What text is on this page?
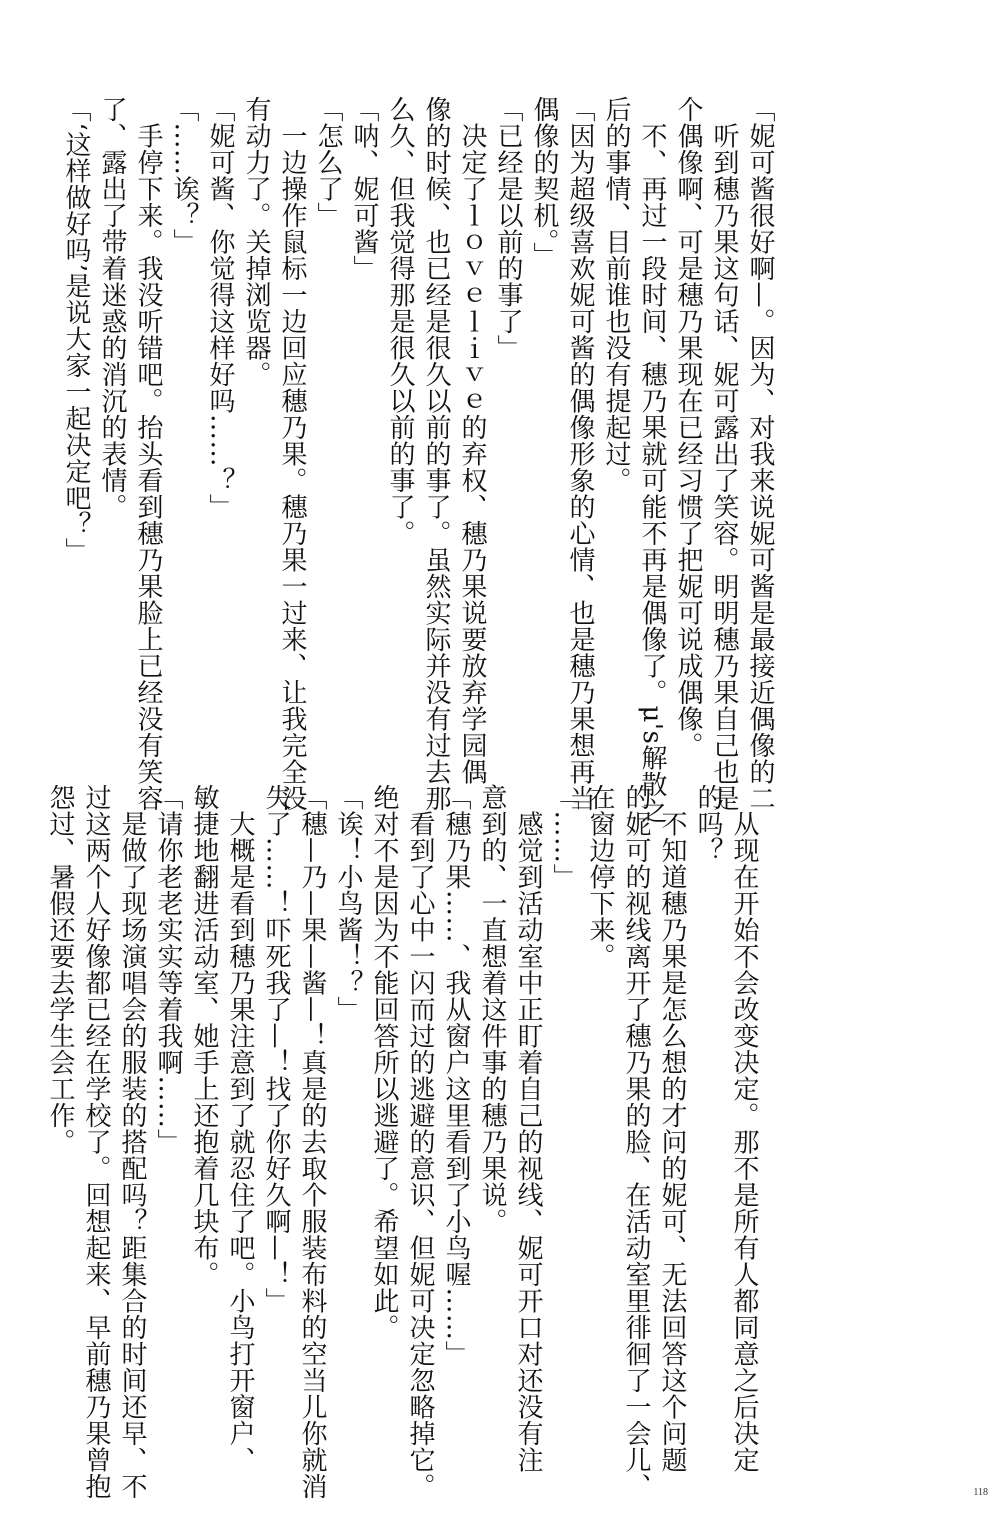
「妮可酱很好啊—。因为、对我来说妮可酱是最接近偶像的二
　听到穗乃果这句话、妮可露出了笑容。明明穗乃果自己也是
个偶像啊、可是穗乃果现在已经习惯了把妮可说成偶像。
　不、再过一段时间、穗乃果就可能不再是偶像了。μ's解散之
后的事情、目前谁也没有提起过。
「因为超级喜欢妮可酱的偶像形象的心情、也是穗乃果想再当
偶像的契机。」
「已经是以前的事了」
　决定了ｌｏｖｅｌｉｖｅ的弃权、穗乃果说要放弃学园偶
像的时候、也已经是很久以前的事了。虽然实际并没有过去那
么久、但我觉得那是很久以前的事了。
「呐、妮可酱」
「怎么了」
　一边操作鼠标一边回应穗乃果。穗乃果一过来、让我完全没
有动力了。关掉浏览器。
「妮可酱、你觉得这样好吗……？」
「……诶？」
　手停下来。我没听错吧。抬头看到穗乃果脸上已经没有笑容
了、露出了带着迷惑的消沉的表情。
「‘这样做好吗’是说大家一起决定吧？」
　从现在开始不会改变决定。那不是所有人都同意之后决定
的吗？
　不知道穗乃果是怎么想的才问的妮可、无法回答这个问题
的妮可的视线离开了穗乃果的脸、在活动室里徘徊了一会儿、
在窗边停下来。
「……」
　感觉到活动室中正盯着自己的视线、妮可开口对还没有注
意到的、一直想着这件事的穗乃果说。
「穗乃果……、我从窗户这里看到了小鸟喔……」
　看到了心中一闪而过的逃避的意识、但妮可决定忽略掉它。
绝对不是因为不能回答所以逃避了。希望如此。
「诶！小鸟酱！？」
「穗—乃—果—酱—！真是的去取个服装布料的空当儿你就消
失了……！吓死我了—！找了你好久啊—！」
　大概是看到穗乃果注意到了就忍住了吧。小鸟打开窗户、
敏捷地翻进活动室、她手上还抱着几块布。
「请你老老实实等着我啊……」
　是做了现场演唱会的服装的搭配吗？距集合的时间还早、不
过这两个人好像都已经在学校了。回想起来、早前穗乃果曾抱
怨过、暑假还要去学生会工作。
118
